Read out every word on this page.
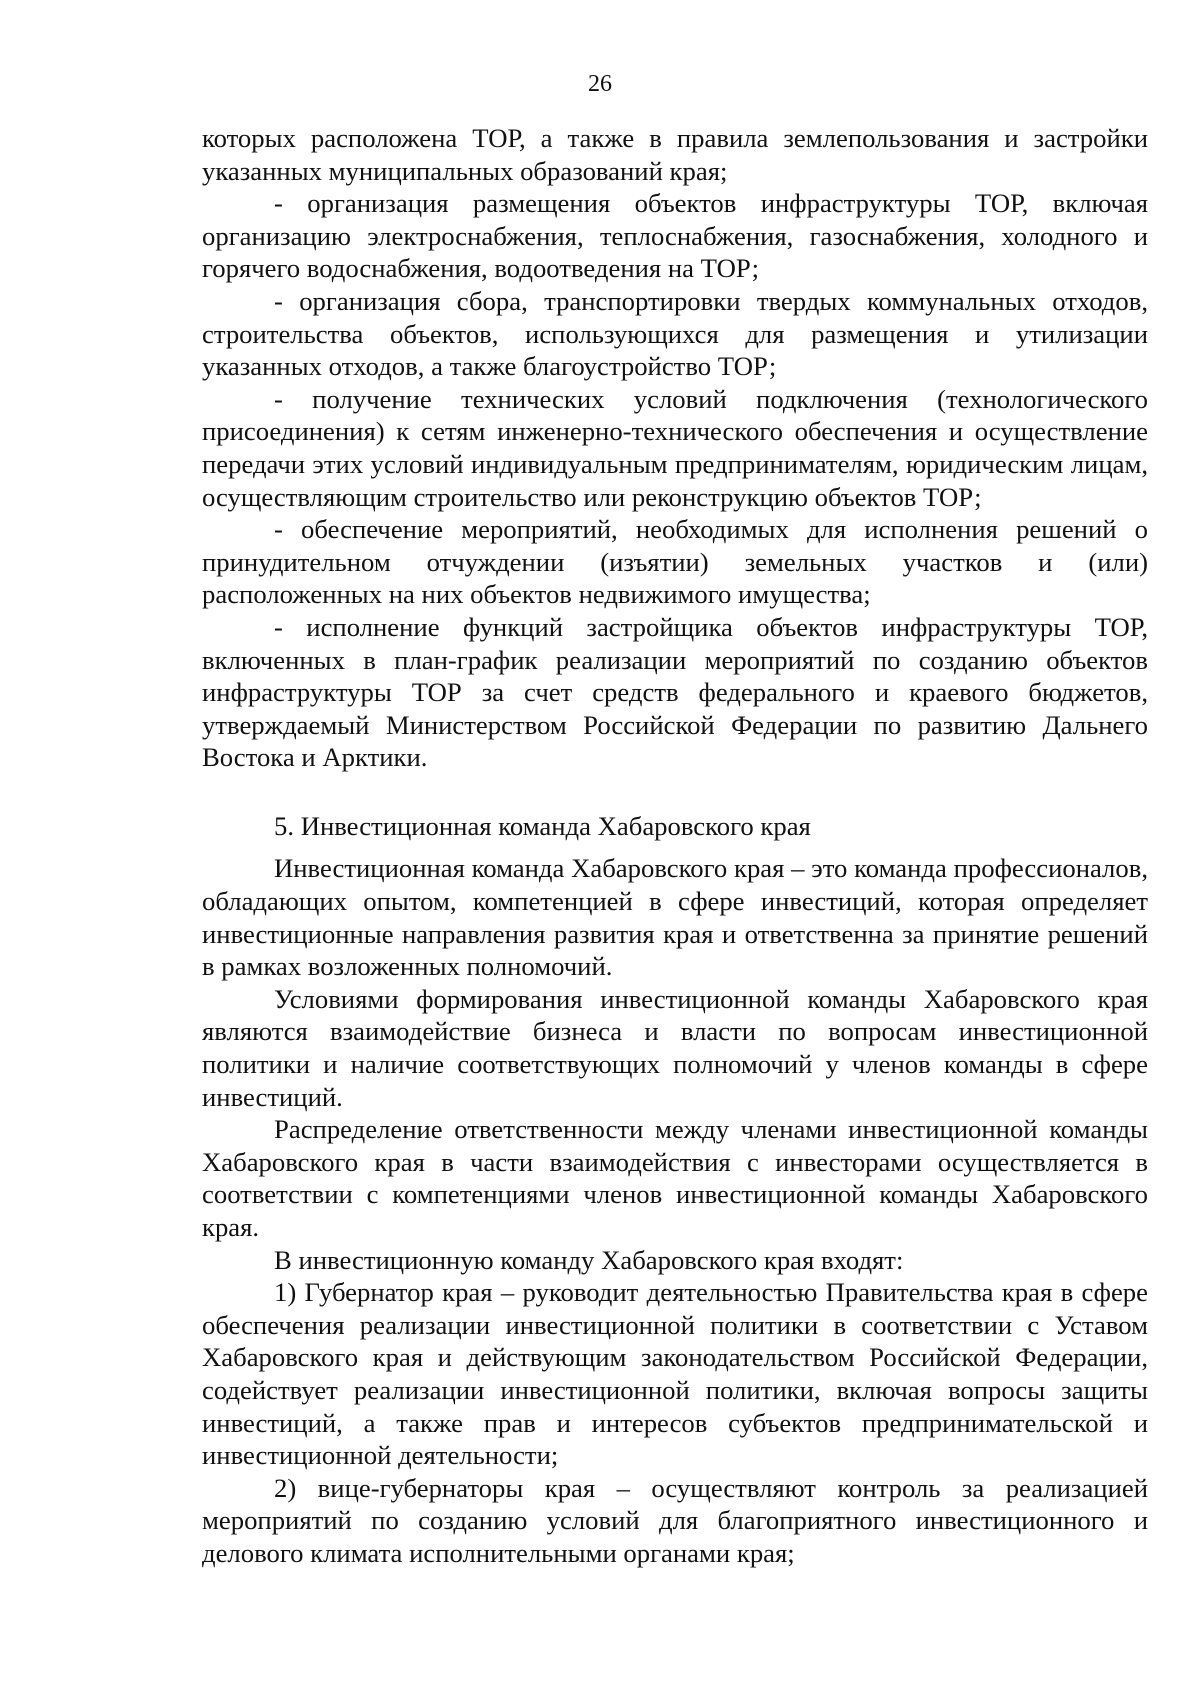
26

которых расположена ТОР, а также в правила землепользования и застройки указанных муниципальных образований края;

- организация размещения объектов инфраструктуры ТОР, включая организацию электроснабжения, теплоснабжения, газоснабжения, холодного и горячего водоснабжения, водоотведения на ТОР;

- организация сбора, транспортировки твердых коммунальных отходов, строительства объектов, использующихся для размещения и утилизации указанных отходов, а также благоустройство ТОР;

- получение технических условий подключения (технологического присоединения) к сетям инженерно-технического обеспечения и осуществление передачи этих условий индивидуальным предпринимателям, юридическим лицам, осуществляющим строительство или реконструкцию объектов ТОР;

- обеспечение мероприятий, необходимых для исполнения решений о принудительном отчуждении (изъятии) земельных участков и (или) расположенных на них объектов недвижимого имущества;

- исполнение функций застройщика объектов инфраструктуры ТОР, включенных в план-график реализации мероприятий по созданию объектов инфраструктуры ТОР за счет средств федерального и краевого бюджетов, утверждаемый Министерством Российской Федерации по развитию Дальнего Востока и Арктики.

5. Инвестиционная команда Хабаровского края

Инвестиционная команда Хабаровского края – это команда профессионалов, обладающих опытом, компетенцией в сфере инвестиций, которая определяет инвестиционные направления развития края и ответственна за принятие решений в рамках возложенных полномочий.

Условиями формирования инвестиционной команды Хабаровского края являются взаимодействие бизнеса и власти по вопросам инвестиционной политики и наличие соответствующих полномочий у членов команды в сфере инвестиций.

Распределение ответственности между членами инвестиционной команды Хабаровского края в части взаимодействия с инвесторами осуществляется в соответствии с компетенциями членов инвестиционной команды Хабаровского края.

В инвестиционную команду Хабаровского края входят:

1) Губернатор края – руководит деятельностью Правительства края в сфере обеспечения реализации инвестиционной политики в соответствии с Уставом Хабаровского края и действующим законодательством Российской Федерации, содействует реализации инвестиционной политики, включая вопросы защиты инвестиций, а также прав и интересов субъектов предпринимательской и инвестиционной деятельности;

2) вице-губернаторы края – осуществляют контроль за реализацией мероприятий по созданию условий для благоприятного инвестиционного и делового климата исполнительными органами края;
